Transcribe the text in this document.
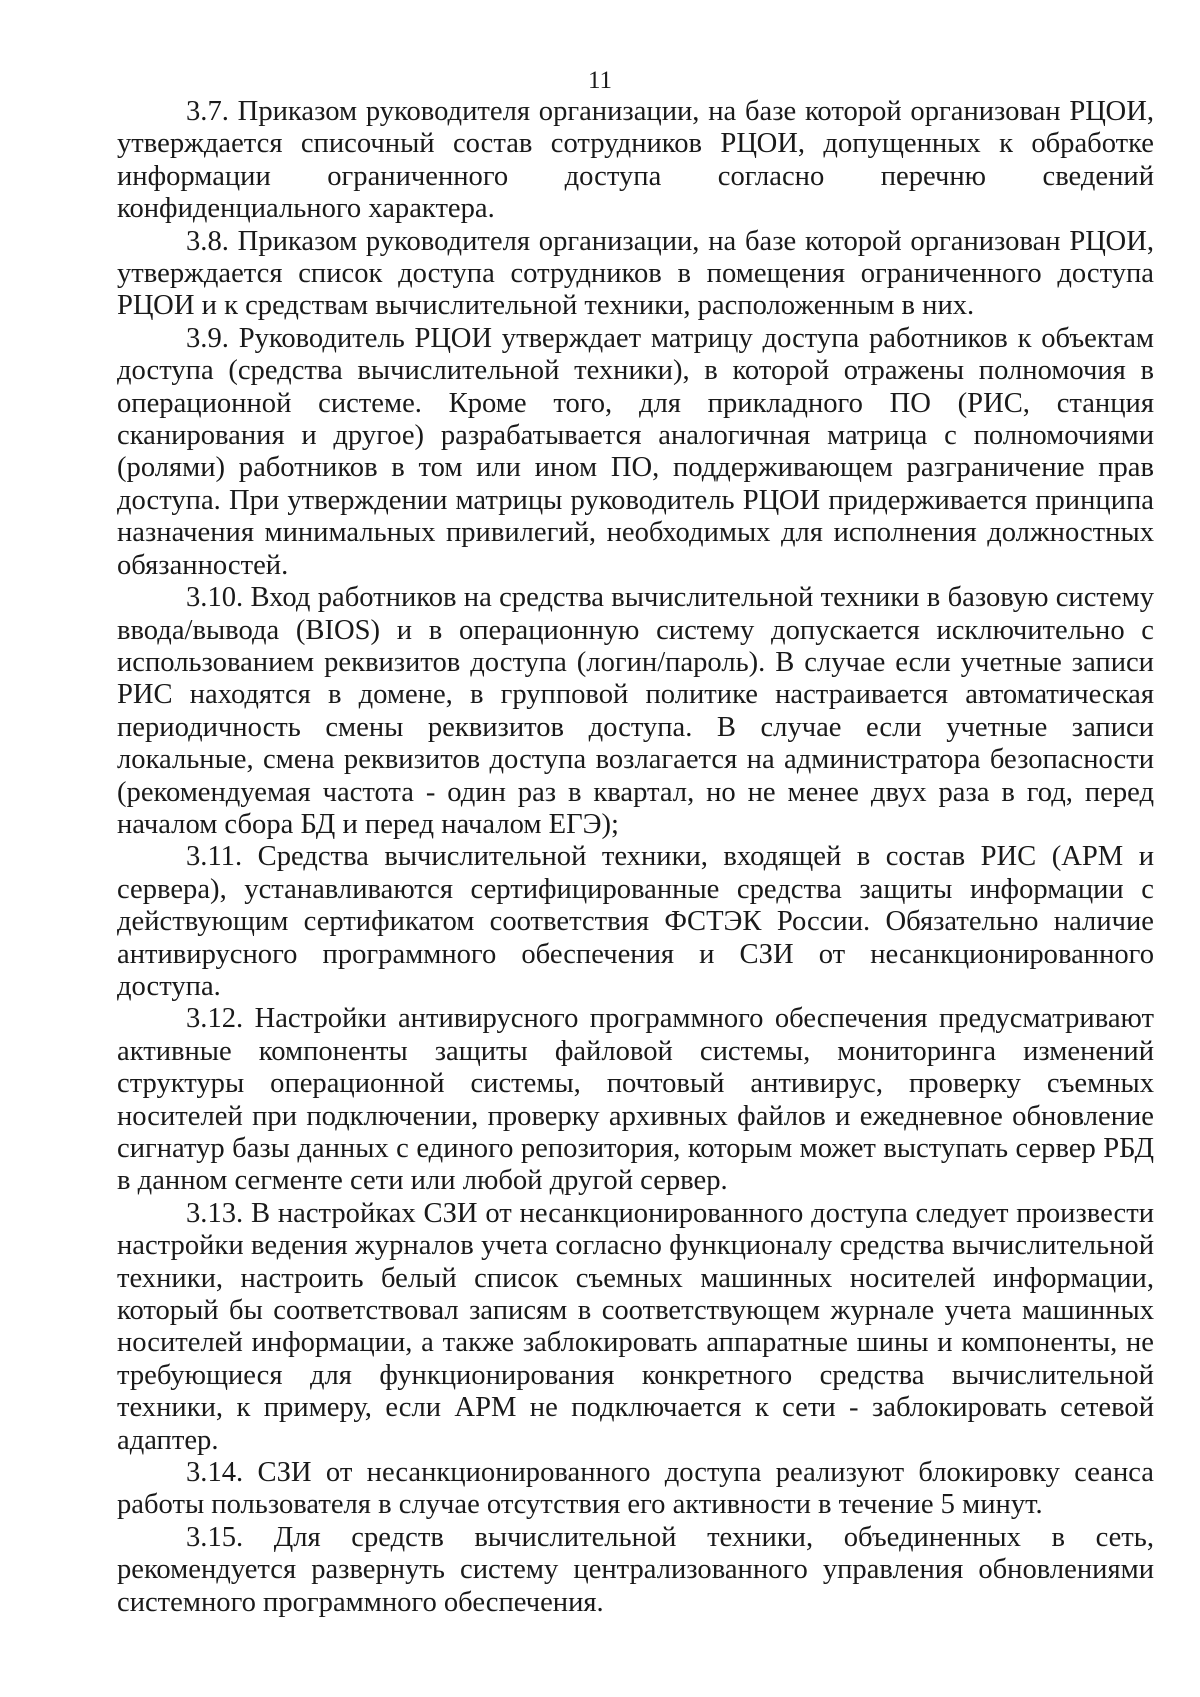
11

3.7. Приказом руководителя организации, на базе которой организован РЦОИ, утверждается списочный состав сотрудников РЦОИ, допущенных к обработке информации ограниченного доступа согласно перечню сведений конфиденциального характера.

3.8. Приказом руководителя организации, на базе которой организован РЦОИ, утверждается список доступа сотрудников в помещения ограниченного доступа РЦОИ и к средствам вычислительной техники, расположенным в них.

3.9. Руководитель РЦОИ утверждает матрицу доступа работников к объектам доступа (средства вычислительной техники), в которой отражены полномочия в операционной системе. Кроме того, для прикладного ПО (РИС, станция сканирования и другое) разрабатывается аналогичная матрица с полномочиями (ролями) работников в том или ином ПО, поддерживающем разграничение прав доступа. При утверждении матрицы руководитель РЦОИ придерживается принципа назначения минимальных привилегий, необходимых для исполнения должностных обязанностей.

3.10. Вход работников на средства вычислительной техники в базовую систему ввода/вывода (BIOS) и в операционную систему допускается исключительно с использованием реквизитов доступа (логин/пароль). В случае если учетные записи РИС находятся в домене, в групповой политике настраивается автоматическая периодичность смены реквизитов доступа. В случае если учетные записи локальные, смена реквизитов доступа возлагается на администратора безопасности (рекомендуемая частота - один раз в квартал, но не менее двух раза в год, перед началом сбора БД и перед началом ЕГЭ);

3.11. Средства вычислительной техники, входящей в состав РИС (АРМ и сервера), устанавливаются сертифицированные средства защиты информации с действующим сертификатом соответствия ФСТЭК России. Обязательно наличие антивирусного программного обеспечения и СЗИ от несанкционированного доступа.

3.12. Настройки антивирусного программного обеспечения предусматривают активные компоненты защиты файловой системы, мониторинга изменений структуры операционной системы, почтовый антивирус, проверку съемных носителей при подключении, проверку архивных файлов и ежедневное обновление сигнатур базы данных с единого репозитория, которым может выступать сервер РБД в данном сегменте сети или любой другой сервер.

3.13. В настройках СЗИ от несанкционированного доступа следует произвести настройки ведения журналов учета согласно функционалу средства вычислительной техники, настроить белый список съемных машинных носителей информации, который бы соответствовал записям в соответствующем журнале учета машинных носителей информации, а также заблокировать аппаратные шины и компоненты, не требующиеся для функционирования конкретного средства вычислительной техники, к примеру, если АРМ не подключается к сети - заблокировать сетевой адаптер.

3.14. СЗИ от несанкционированного доступа реализуют блокировку сеанса работы пользователя в случае отсутствия его активности в течение 5 минут.

3.15. Для средств вычислительной техники, объединенных в сеть, рекомендуется развернуть систему централизованного управления обновлениями системного программного обеспечения.
